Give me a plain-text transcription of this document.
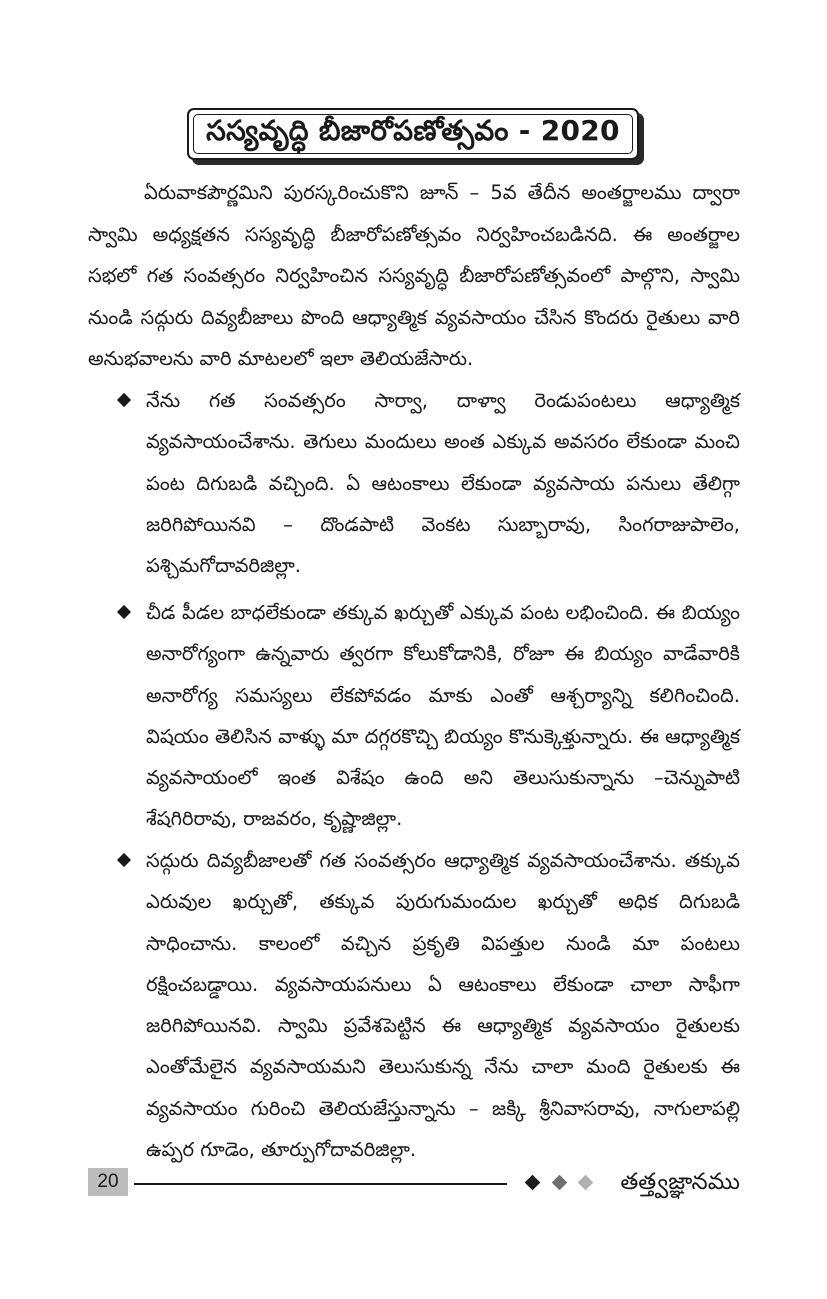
సస్యవృద్ధి బీజారోపణోత్సవం - 2020

ఏరువాకపౌర్ణమిని పురస్కరించుకొని జూన్ – 5వ తేదీన అంతర్జాలము ద్వారా స్వామి అధ్యక్షతన సస్యవృద్ధి బీజారోపణోత్సవం నిర్వహించబడినది. ఈ అంతర్జాల సభలో గత సంవత్సరం నిర్వహించిన సస్యవృద్ధి బీజారోపణోత్సవంలో పాల్గొని, స్వామి నుండి సద్గురు దివ్యబీజాలు పొంది ఆధ్యాత్మిక వ్యవసాయం చేసిన కొందరు రైతులు వారి అనుభవాలను వారి మాటలలో ఇలా తెలియజేసారు.

నేను గత సంవత్సరం సార్వా, దాళ్వా రెండుపంటలు ఆధ్యాత్మిక వ్యవసాయంచేశాను. తెగులు మందులు అంత ఎక్కువ అవసరం లేకుండా మంచి పంట దిగుబడి వచ్చింది. ఏ ఆటంకాలు లేకుండా వ్యవసాయ పనులు తేలిగ్గా జరిగిపోయినవి – దొండపాటి వెంకట సుబ్బారావు, సింగరాజుపాలెం, పశ్చిమగోదావరిజిల్లా.
చీడ పీడల బాధలేకుండా తక్కువ ఖర్చుతో ఎక్కువ పంట లభించింది. ఈ బియ్యం అనారోగ్యంగా ఉన్నవారు త్వరగా కోలుకోడానికి, రోజూ ఈ బియ్యం వాడేవారికి అనారోగ్య సమస్యలు లేకపోవడం మాకు ఎంతో ఆశ్చర్యాన్ని కలిగించింది. విషయం తెలిసిన వాళ్ళు మా దగ్గరకొచ్చి బియ్యం కొనుక్కెళ్తున్నారు. ఈ ఆధ్యాత్మిక వ్యవసాయంలో ఇంత విశేషం ఉంది అని తెలుసుకున్నాను –చెన్నుపాటి శేషగిరిరావు, రాజవరం, కృష్ణాజిల్లా.
సద్గురు దివ్యబీజాలతో గత సంవత్సరం ఆధ్యాత్మిక వ్యవసాయంచేశాను. తక్కువ ఎరువుల ఖర్చుతో, తక్కువ పురుగుమందుల ఖర్చుతో అధిక దిగుబడి సాధించాను. కాలంలో వచ్చిన ప్రకృతి విపత్తుల నుండి మా పంటలు రక్షించబడ్డాయి. వ్యవసాయపనులు ఏ ఆటంకాలు లేకుండా చాలా సాఫీగా జరిగిపోయినవి. స్వామి ప్రవేశపెట్టిన ఈ ఆధ్యాత్మిక వ్యవసాయం రైతులకు ఎంతోమేలైన వ్యవసాయమని తెలుసుకున్న నేను చాలా మంది రైతులకు ఈ వ్యవసాయం గురించి తెలియజేస్తున్నాను – జక్కి శ్రీనివాసరావు, నాగులాపల్లి ఉప్పర గూడెం, తూర్పుగోదావరిజిల్లా.
20	తత్త్వజ్ఞానము
